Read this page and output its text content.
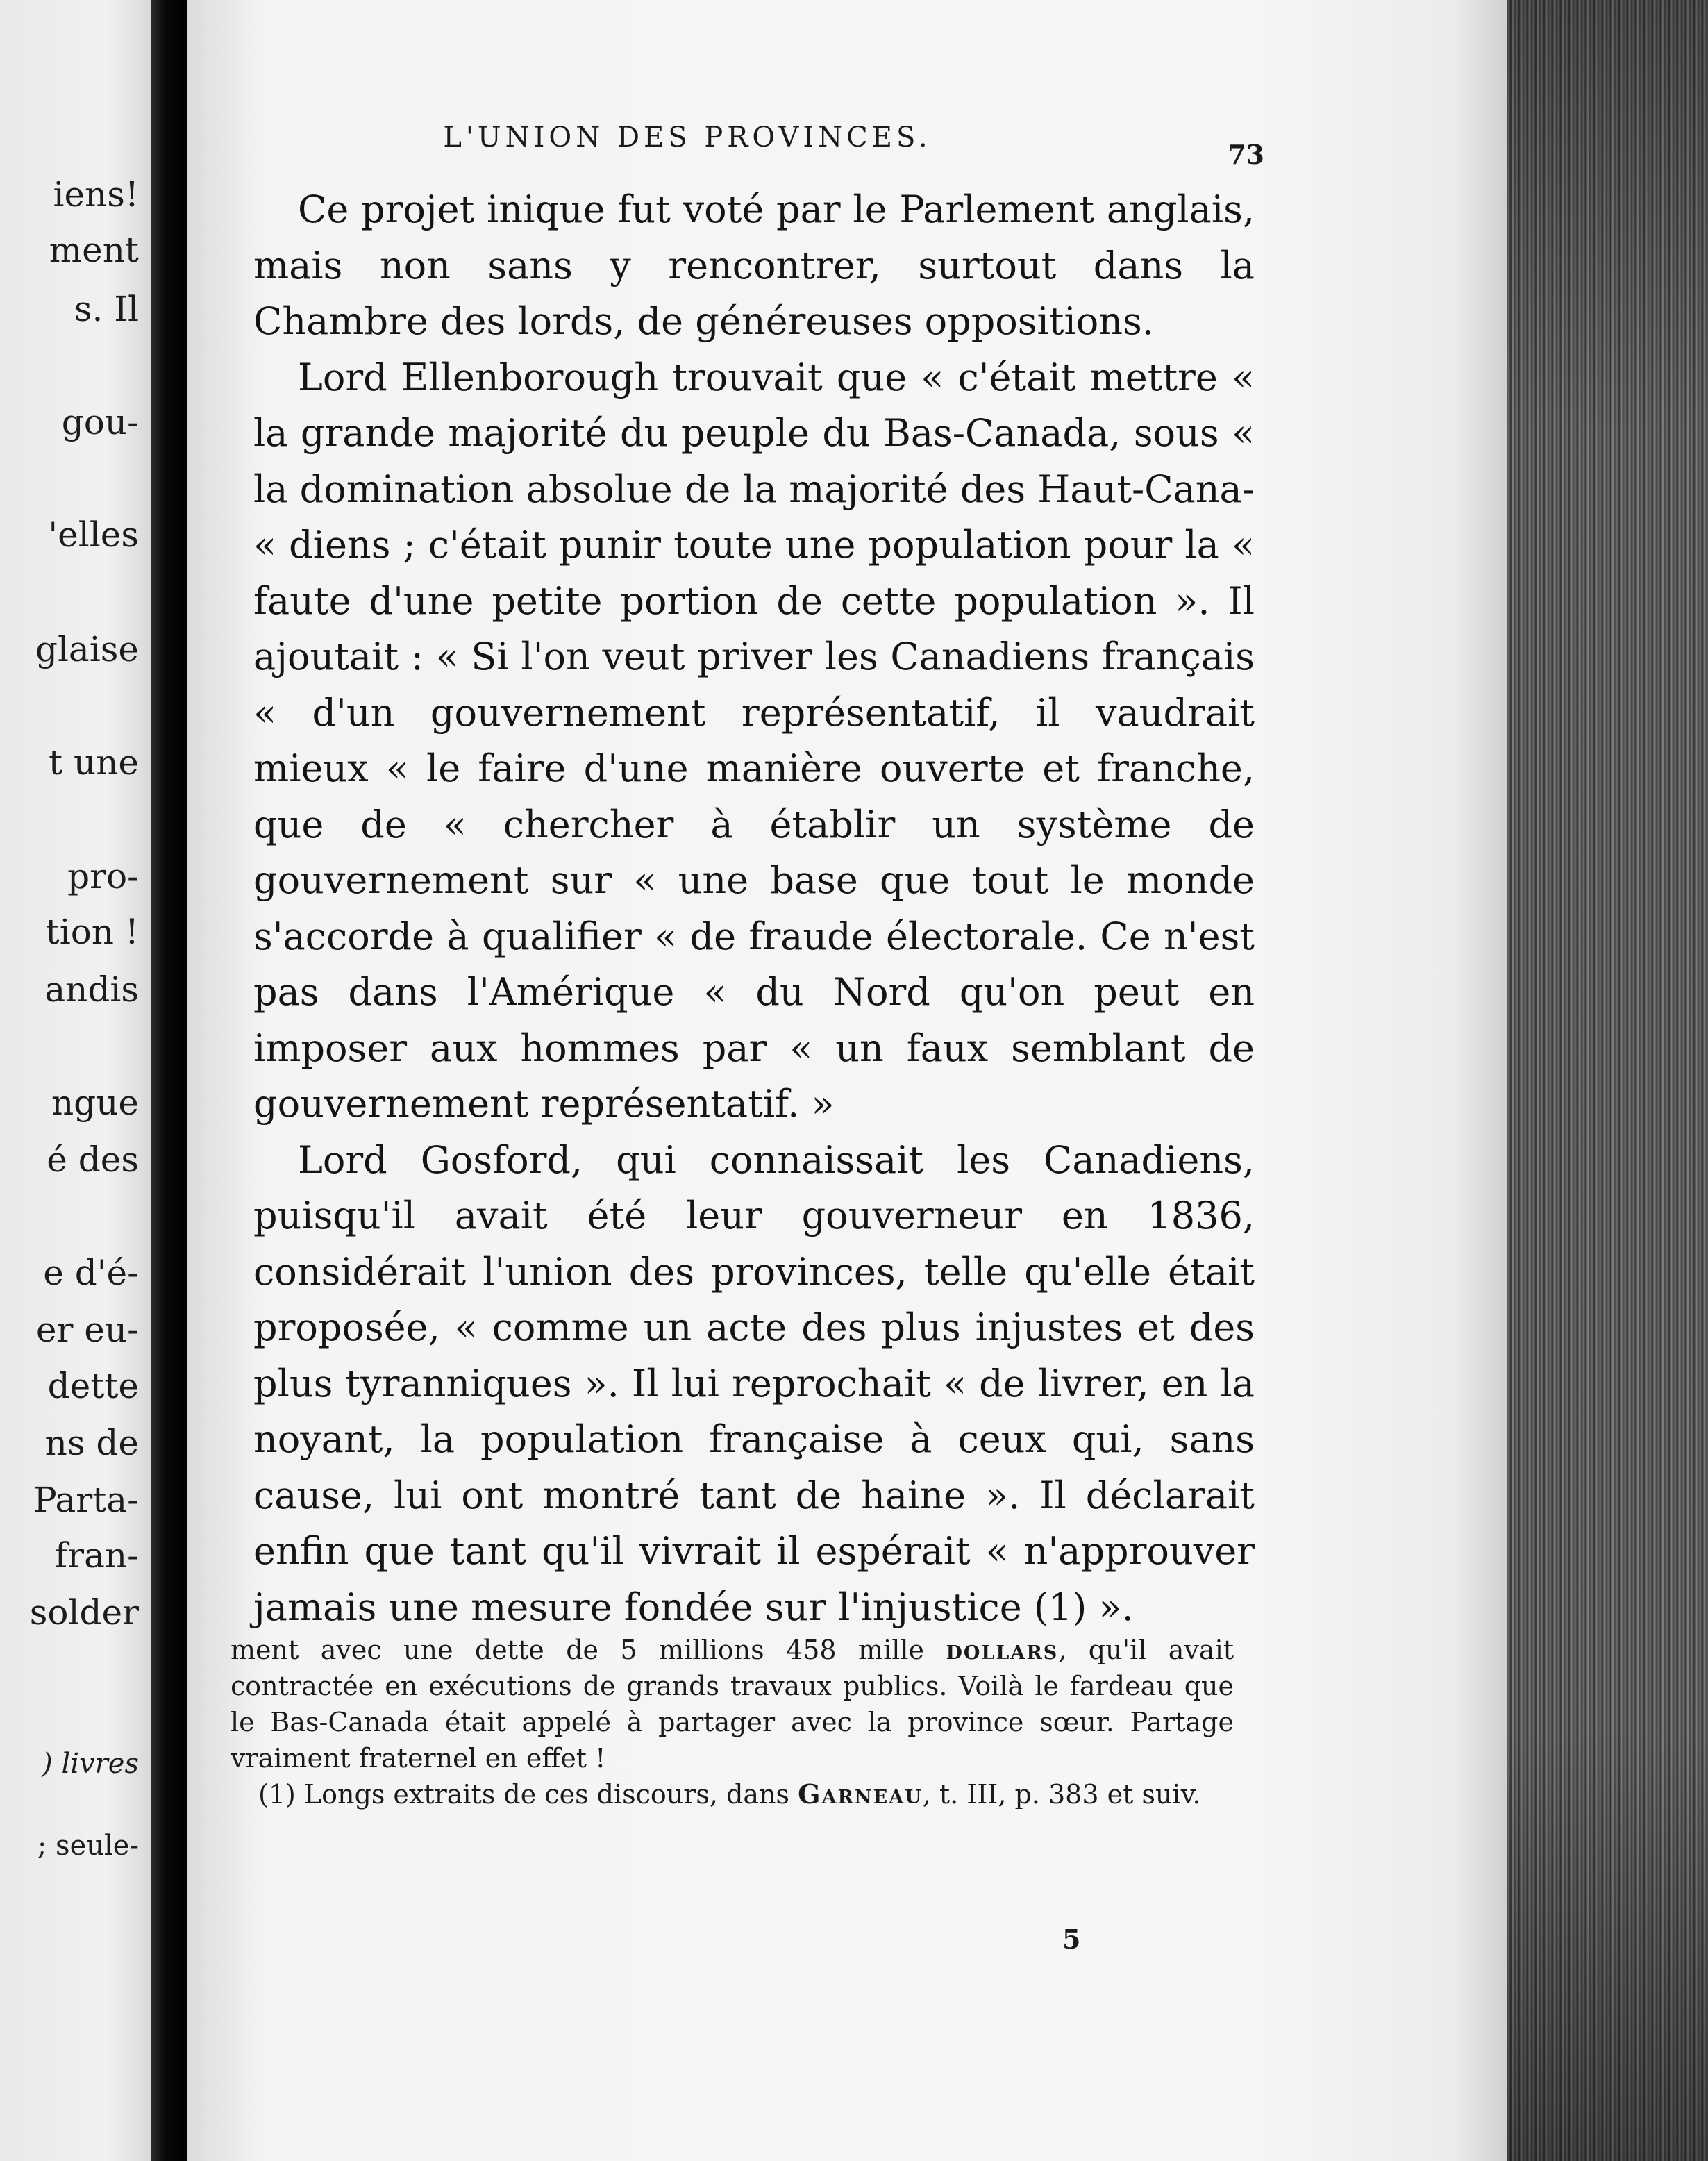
iens!
ment
s. Il
gou-
'elles
glaise
t une
pro-
tion !
andis
ngue
é des
e d'é-
er eu-
dette
ns de
Parta-
fran-
solder
) livres
; seule-
L'UNION DES PROVINCES.
73

Ce projet inique fut voté par le Parlement anglais, mais non sans y rencontrer, surtout dans la Chambre des lords, de généreuses oppositions.

Lord Ellenborough trouvait que « c'était mettre « la grande majorité du peuple du Bas-Canada, sous « la domination absolue de la majorité des Haut-Cana- « diens ; c'était punir toute une population pour la « faute d'une petite portion de cette population ». Il ajoutait : « Si l'on veut priver les Canadiens français « d'un gouvernement représentatif, il vaudrait mieux « le faire d'une manière ouverte et franche, que de « chercher à établir un système de gouvernement sur « une base que tout le monde s'accorde à qualifier « de fraude électorale. Ce n'est pas dans l'Amérique « du Nord qu'on peut en imposer aux hommes par « un faux semblant de gouvernement représentatif. »

Lord Gosford, qui connaissait les Canadiens, puisqu'il avait été leur gouverneur en 1836, considérait l'union des provinces, telle qu'elle était proposée, « comme un acte des plus injustes et des plus tyranniques ». Il lui reprochait « de livrer, en la noyant, la population française à ceux qui, sans cause, lui ont montré tant de haine ». Il déclarait enfin que tant qu'il vivrait il espérait « n'approuver jamais une mesure fondée sur l'injustice (1) ».

ment avec une dette de 5 millions 458 mille dollars, qu'il avait contractée en exécutions de grands travaux publics. Voilà le fardeau que le Bas-Canada était appelé à partager avec la province sœur. Partage vraiment fraternel en effet !

(1) Longs extraits de ces discours, dans Garneau, t. III, p. 383 et suiv.

5
